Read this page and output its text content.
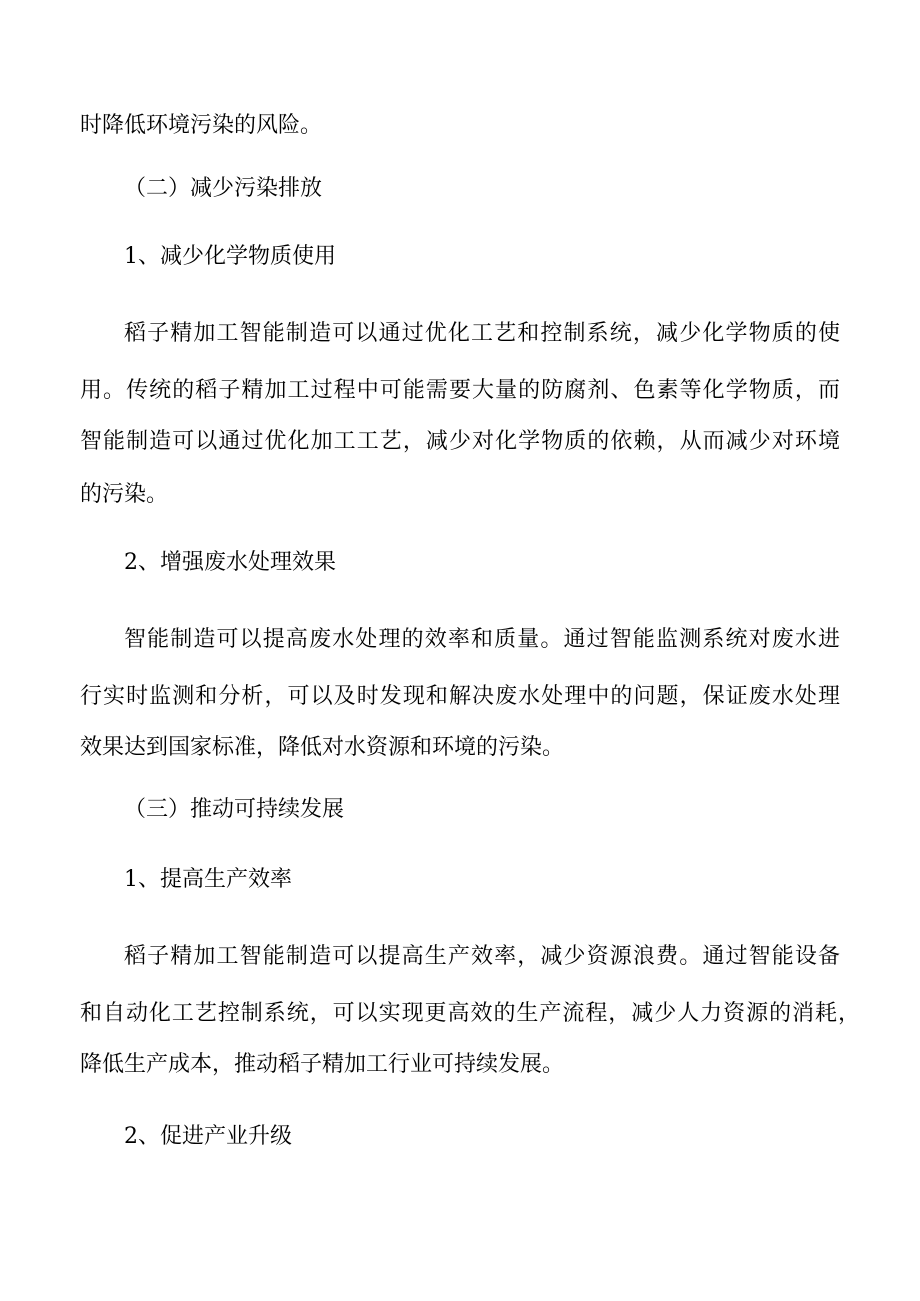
时降低环境污染的风险。
（二）减少污染排放
1、减少化学物质使用
稻子精加工智能制造可以通过优化工艺和控制系统，减少化学物质的使
用。传统的稻子精加工过程中可能需要大量的防腐剂、色素等化学物质，而
智能制造可以通过优化加工工艺，减少对化学物质的依赖，从而减少对环境
的污染。
2、增强废水处理效果
智能制造可以提高废水处理的效率和质量。通过智能监测系统对废水进
行实时监测和分析，可以及时发现和解决废水处理中的问题，保证废水处理
效果达到国家标准，降低对水资源和环境的污染。
（三）推动可持续发展
1、提高生产效率
稻子精加工智能制造可以提高生产效率，减少资源浪费。通过智能设备
和自动化工艺控制系统，可以实现更高效的生产流程，减少人力资源的消耗，
降低生产成本，推动稻子精加工行业可持续发展。
2、促进产业升级
